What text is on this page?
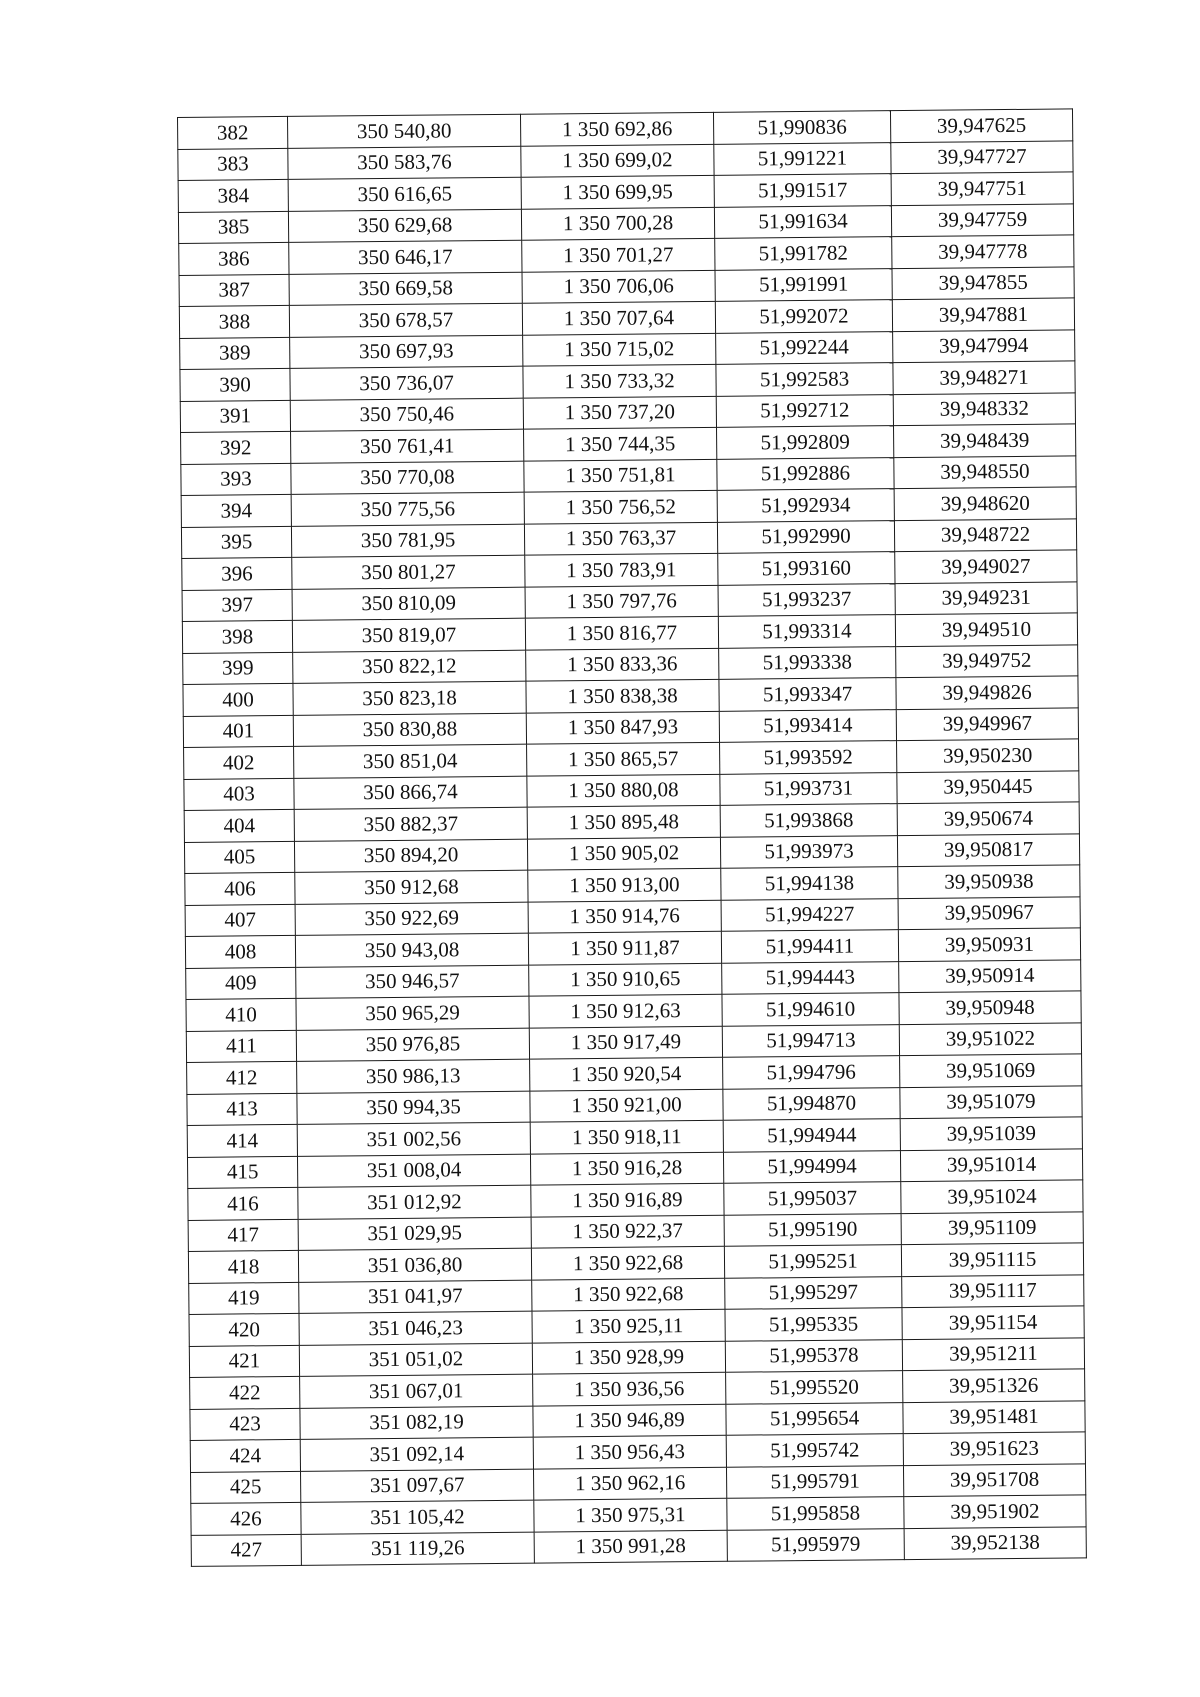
382	350 540,80	1 350 692,86	51,990836	39,947625
383	350 583,76	1 350 699,02	51,991221	39,947727
384	350 616,65	1 350 699,95	51,991517	39,947751
385	350 629,68	1 350 700,28	51,991634	39,947759
386	350 646,17	1 350 701,27	51,991782	39,947778
387	350 669,58	1 350 706,06	51,991991	39,947855
388	350 678,57	1 350 707,64	51,992072	39,947881
389	350 697,93	1 350 715,02	51,992244	39,947994
390	350 736,07	1 350 733,32	51,992583	39,948271
391	350 750,46	1 350 737,20	51,992712	39,948332
392	350 761,41	1 350 744,35	51,992809	39,948439
393	350 770,08	1 350 751,81	51,992886	39,948550
394	350 775,56	1 350 756,52	51,992934	39,948620
395	350 781,95	1 350 763,37	51,992990	39,948722
396	350 801,27	1 350 783,91	51,993160	39,949027
397	350 810,09	1 350 797,76	51,993237	39,949231
398	350 819,07	1 350 816,77	51,993314	39,949510
399	350 822,12	1 350 833,36	51,993338	39,949752
400	350 823,18	1 350 838,38	51,993347	39,949826
401	350 830,88	1 350 847,93	51,993414	39,949967
402	350 851,04	1 350 865,57	51,993592	39,950230
403	350 866,74	1 350 880,08	51,993731	39,950445
404	350 882,37	1 350 895,48	51,993868	39,950674
405	350 894,20	1 350 905,02	51,993973	39,950817
406	350 912,68	1 350 913,00	51,994138	39,950938
407	350 922,69	1 350 914,76	51,994227	39,950967
408	350 943,08	1 350 911,87	51,994411	39,950931
409	350 946,57	1 350 910,65	51,994443	39,950914
410	350 965,29	1 350 912,63	51,994610	39,950948
411	350 976,85	1 350 917,49	51,994713	39,951022
412	350 986,13	1 350 920,54	51,994796	39,951069
413	350 994,35	1 350 921,00	51,994870	39,951079
414	351 002,56	1 350 918,11	51,994944	39,951039
415	351 008,04	1 350 916,28	51,994994	39,951014
416	351 012,92	1 350 916,89	51,995037	39,951024
417	351 029,95	1 350 922,37	51,995190	39,951109
418	351 036,80	1 350 922,68	51,995251	39,951115
419	351 041,97	1 350 922,68	51,995297	39,951117
420	351 046,23	1 350 925,11	51,995335	39,951154
421	351 051,02	1 350 928,99	51,995378	39,951211
422	351 067,01	1 350 936,56	51,995520	39,951326
423	351 082,19	1 350 946,89	51,995654	39,951481
424	351 092,14	1 350 956,43	51,995742	39,951623
425	351 097,67	1 350 962,16	51,995791	39,951708
426	351 105,42	1 350 975,31	51,995858	39,951902
427	351 119,26	1 350 991,28	51,995979	39,952138
